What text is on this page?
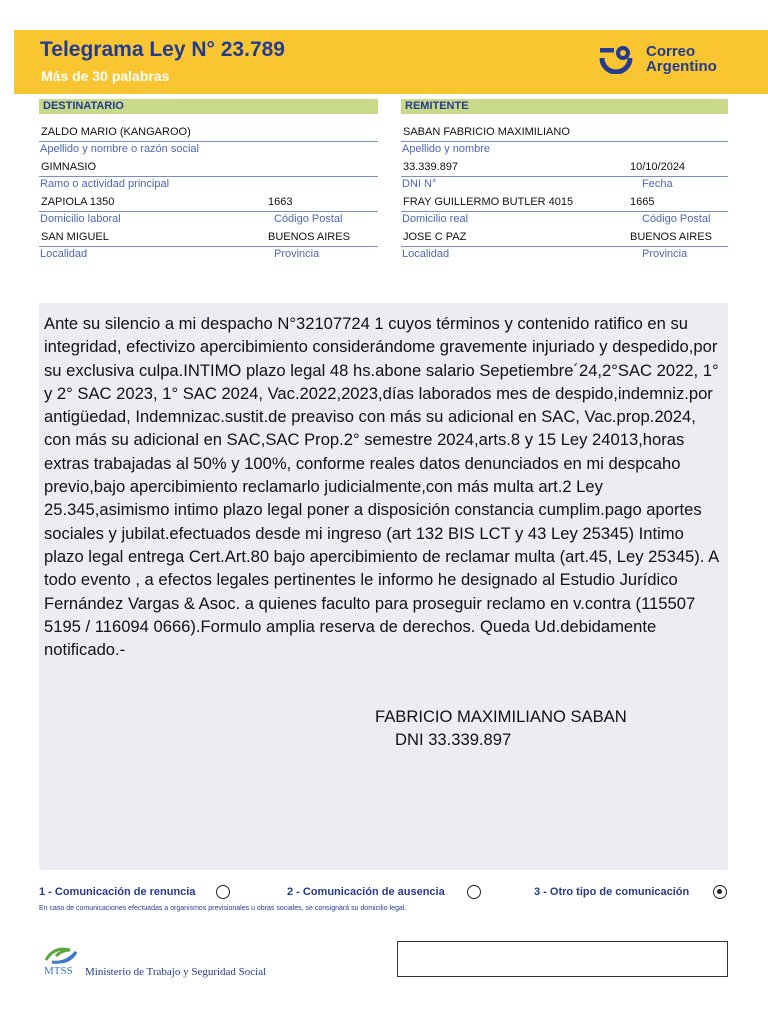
Telegrama Ley N° 23.789
Más de 30 palabras
Correo
Argentino
DESTINATARIO
ZALDO MARIO (KANGAROO)
Apellido y nombre o razón social
GIMNASIO
Ramo o actividad principal
ZAPIOLA 1350	1663
Domicilio laboral	Código Postal
SAN MIGUEL	BUENOS AIRES
Localidad	Provincia
REMITENTE
SABAN FABRICIO MAXIMILIANO
Apellido y nombre
33.339.897	10/10/2024
DNI N°	Fecha
FRAY GUILLERMO BUTLER 4015	1665
Domicilio real	Código Postal
JOSE C PAZ	BUENOS AIRES
Localidad	Provincia
Ante su silencio a mi despacho N°32107724 1 cuyos términos y contenido ratifico en su integridad, efectivizo apercibimiento considerándome gravemente injuriado y despedido,por su exclusiva culpa.INTIMO plazo legal 48 hs.abone salario Sepetiembre´24,2°SAC 2022, 1° y 2° SAC 2023, 1° SAC 2024, Vac.2022,2023,días laborados mes de despido,indemniz.por antigüedad, Indemnizac.sustit.de preaviso con más su adicional en SAC, Vac.prop.2024, con más su adicional en SAC,SAC Prop.2° semestre 2024,arts.8 y 15 Ley 24013,horas extras trabajadas al 50% y 100%, conforme reales datos denunciados en mi despcaho previo,bajo apercibimiento reclamarlo judicialmente,con más multa art.2 Ley 25.345,asimismo intimo plazo legal poner a disposición constancia cumplim.pago aportes sociales y jubilat.efectuados desde mi ingreso (art 132 BIS LCT y 43 Ley 25345) Intimo plazo legal entrega Cert.Art.80 bajo apercibimiento de reclamar multa (art.45, Ley 25345). A todo evento , a efectos legales pertinentes le informo he designado al Estudio Jurídico Fernández Vargas & Asoc. a quienes faculto para proseguir reclamo en v.contra (115507 5195 / 116094 0666).Formulo amplia reserva de derechos. Queda Ud.debidamente notificado.-
FABRICIO MAXIMILIANO SABAN
DNI 33.339.897
1 - Comunicación de renuncia	2 - Comunicación de ausencia	3 - Otro tipo de comunicación
En caso de comunicaciones efectuadas a organismos previsionales u obras sociales, se consignará su domicilio legal.
MTSS Ministerio de Trabajo y Seguridad Social
